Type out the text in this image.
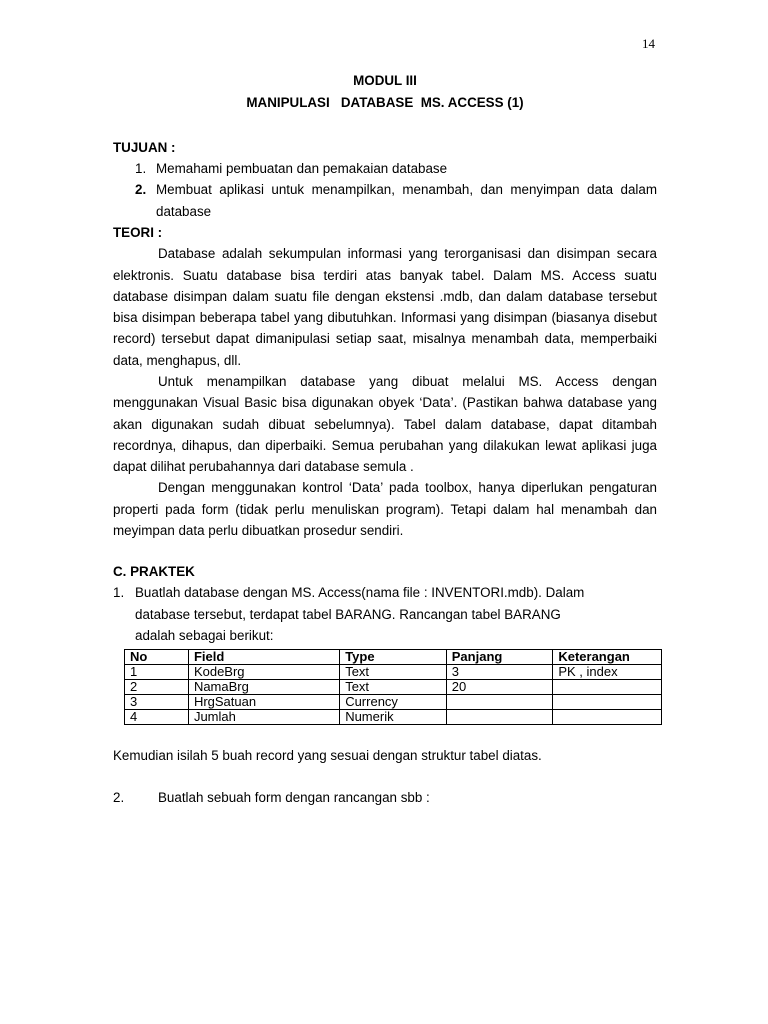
14
MODUL III
MANIPULASI   DATABASE  MS. ACCESS (1)
TUJUAN :
1. Memahami pembuatan dan pemakaian database
2. Membuat aplikasi untuk menampilkan, menambah, dan menyimpan data dalam database
TEORI :

Database adalah sekumpulan informasi yang terorganisasi dan disimpan secara elektronis. Suatu database bisa terdiri atas banyak tabel. Dalam MS. Access suatu database disimpan dalam suatu file dengan ekstensi .mdb, dan dalam database tersebut bisa disimpan beberapa tabel yang dibutuhkan. Informasi yang disimpan (biasanya disebut record) tersebut dapat dimanipulasi setiap saat, misalnya menambah data, memperbaiki data, menghapus, dll.

Untuk menampilkan database yang dibuat melalui MS. Access dengan menggunakan Visual Basic bisa digunakan obyek ‘Data’. (Pastikan bahwa database yang akan digunakan sudah dibuat sebelumnya). Tabel dalam database, dapat ditambah recordnya, dihapus, dan diperbaiki. Semua perubahan yang dilakukan lewat aplikasi juga dapat dilihat perubahannya dari database semula .

Dengan menggunakan kontrol ‘Data’ pada toolbox, hanya diperlukan pengaturan properti pada form (tidak perlu menuliskan program). Tetapi dalam hal menambah dan meyimpan data perlu dibuatkan prosedur sendiri.

C. PRAKTEK
1. Buatlah database dengan MS. Access(nama file : INVENTORI.mdb). Dalam
database tersebut, terdapat tabel BARANG. Rancangan tabel BARANG
adalah sebagai berikut:
No	Field	Type	Panjang	Keterangan
1	KodeBrg	Text	3	PK , index
2	NamaBrg	Text	20	
3	HrgSatuan	Currency		
4	Jumlah	Numerik		
Kemudian isilah 5 buah record yang sesuai dengan struktur tabel diatas.
2.	Buatlah sebuah form dengan rancangan sbb :
